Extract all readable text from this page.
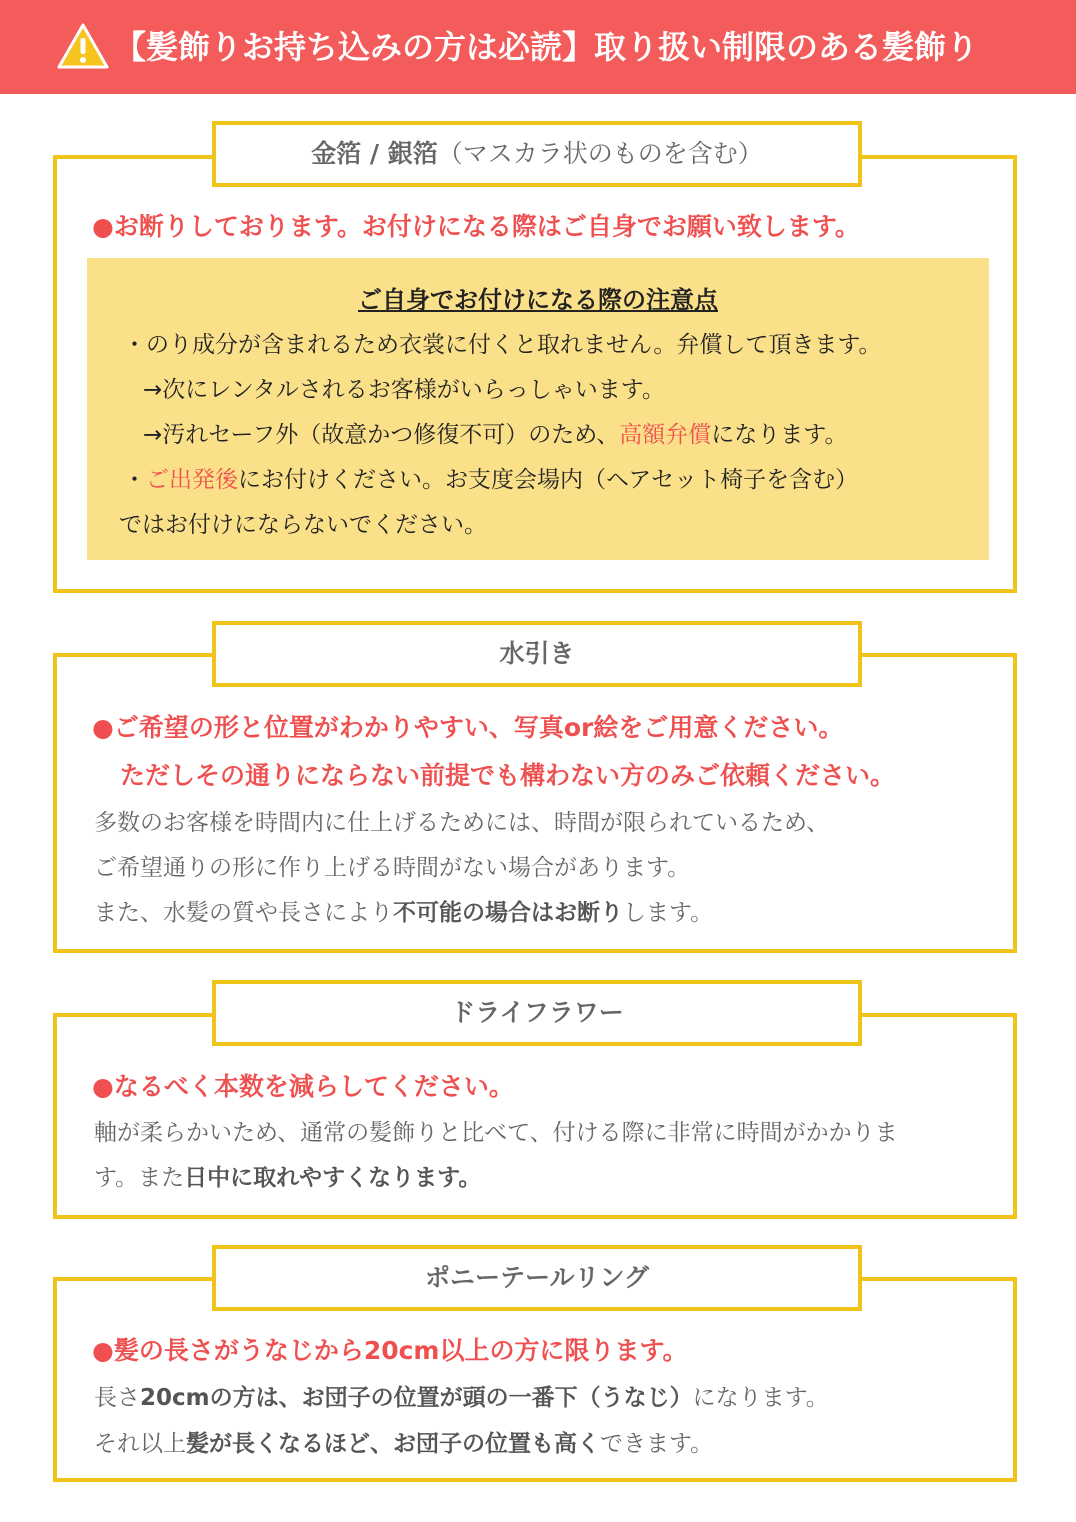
【髪飾りお持ち込みの方は必読】取り扱い制限のある髪飾り
金箔 / 銀箔（マスカラ状のものを含む）
●お断りしております。お付けになる際はご自身でお願い致します。
ご自身でお付けになる際の注意点
・のり成分が含まれるため衣裳に付くと取れません。弁償して頂きます。
→次にレンタルされるお客様がいらっしゃいます。
→汚れセーフ外（故意かつ修復不可）のため、高額弁償になります。
・ご出発後にお付けください。お支度会場内（ヘアセット椅子を含む）
ではお付けにならないでください。
水引き
●ご希望の形と位置がわかりやすい、写真or絵をご用意ください。
ただしその通りにならない前提でも構わない方のみご依頼ください。
多数のお客様を時間内に仕上げるためには、時間が限られているため、
ご希望通りの形に作り上げる時間がない場合があります。
また、水髪の質や長さにより不可能の場合はお断りします。
ドライフラワー
●なるべく本数を減らしてください。
軸が柔らかいため、通常の髪飾りと比べて、付ける際に非常に時間がかかりま
す。また日中に取れやすくなります。
ポニーテールリング
●髪の長さがうなじから20cm以上の方に限ります。
長さ20cmの方は、お団子の位置が頭の一番下（うなじ）になります。
それ以上髪が長くなるほど、お団子の位置も高くできます。
